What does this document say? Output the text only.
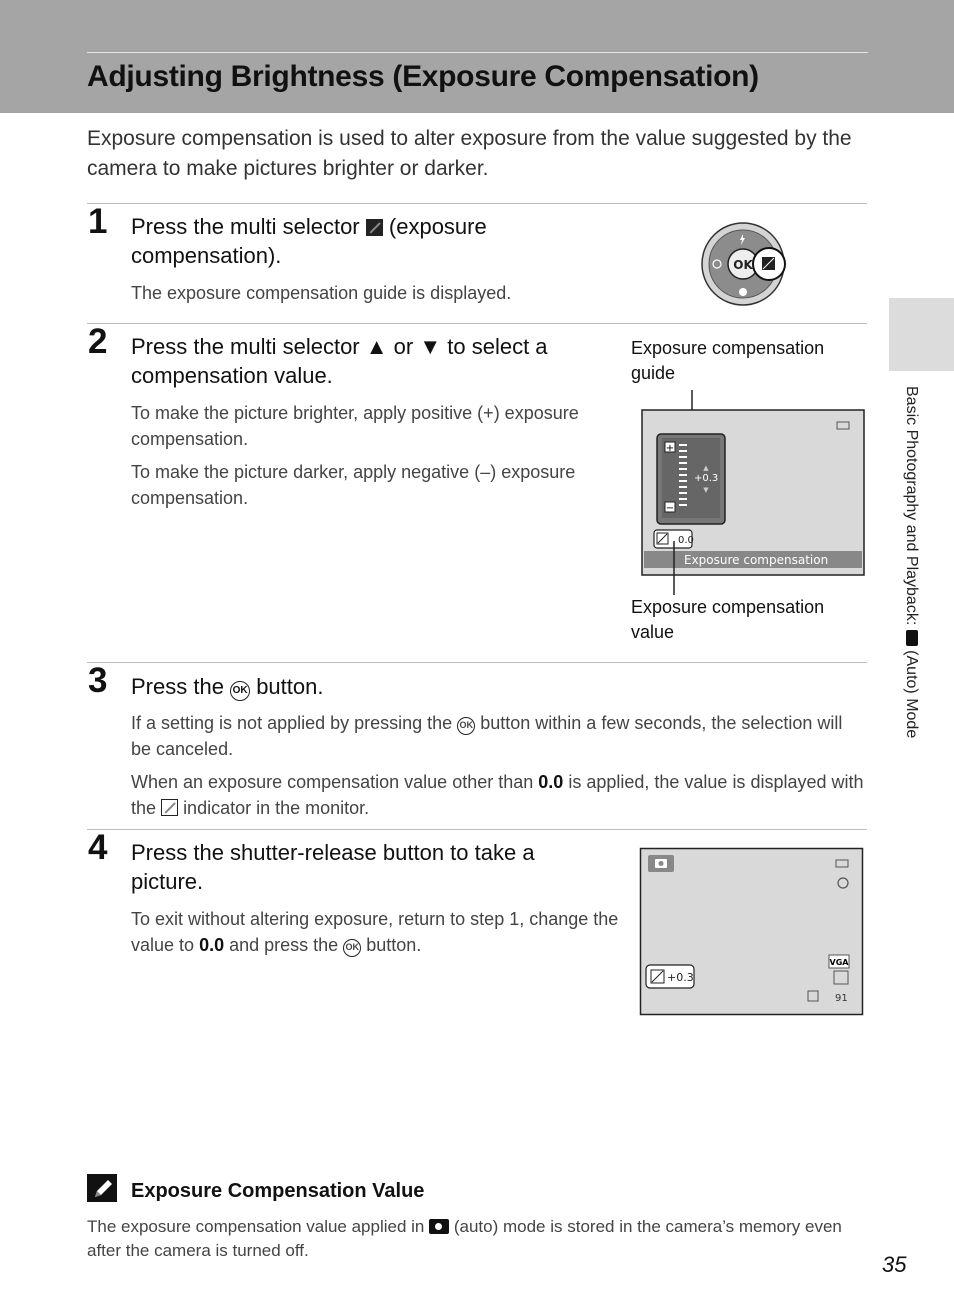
Adjusting Brightness (Exposure Compensation)
Exposure compensation is used to alter exposure from the value suggested by the camera to make pictures brighter or darker.
1 Press the multi selector (exposure compensation).
The exposure compensation guide is displayed.
OK
2 Press the multi selector ▲ or ▼ to select a compensation value.
To make the picture brighter, apply positive (+) exposure compensation.
To make the picture darker, apply negative (–) exposure compensation.
Exposure compensation guide
Exposure compensation value
+
−
+0.3
▲
▼
0.0
Exposure compensation
3 Press the OK button.
If a setting is not applied by pressing the OK button within a few seconds, the selection will be canceled.
When an exposure compensation value other than 0.0 is applied, the value is displayed with the indicator in the monitor.
4 Press the shutter-release button to take a picture.
To exit without altering exposure, return to step 1, change the value to 0.0 and press the OK button.
+0.3
VGA
91
Exposure Compensation Value
The exposure compensation value applied in (auto) mode is stored in the camera’s memory even after the camera is turned off.
Basic Photography and Playback:  (Auto) Mode
35
